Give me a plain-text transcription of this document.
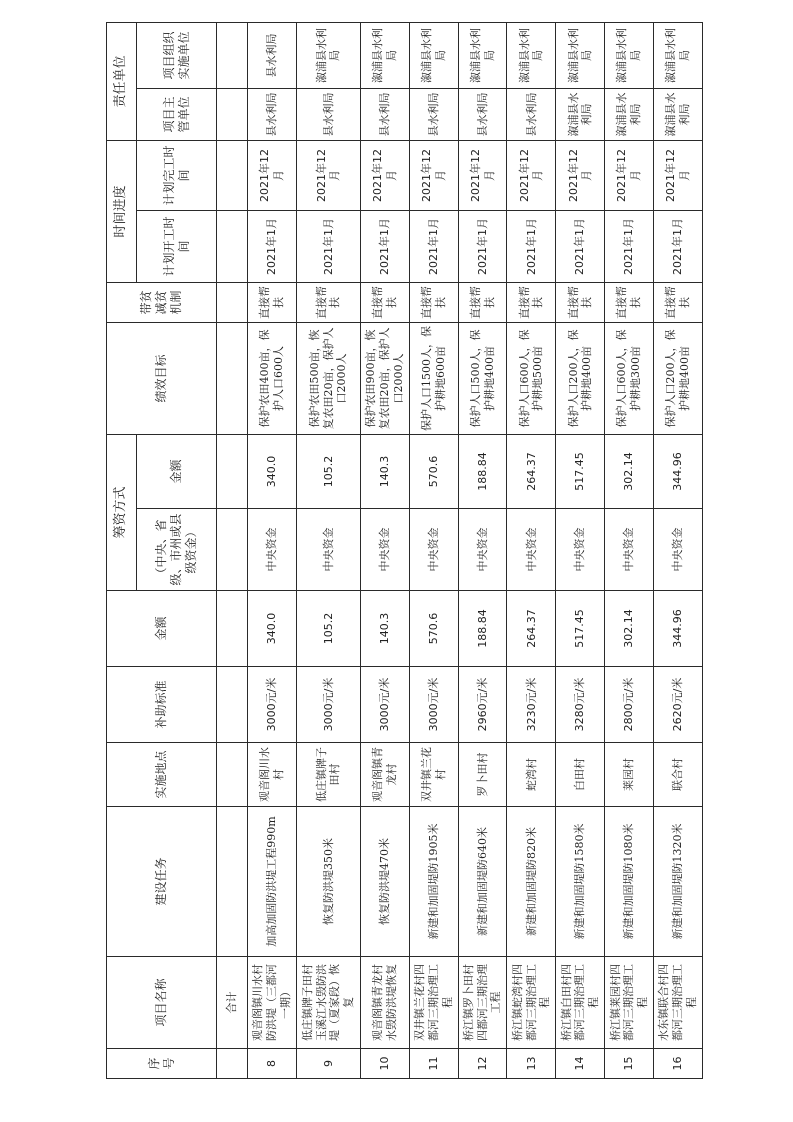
序号	项目名称	建设任务	实施地点	补助标准	金额	筹资方式		绩效目标	带贫减贫机制	时间进度		责任单位	
						（中央、省级、市州或县级资金）	金额			计划开工时间	计划完工时间	项目主管单位	项目组织实施单位
	合计												
8	观音阁镇川水村防洪堤（三都河一期）	加高加固防洪堤工程990m	观音阁川水村	3000元/米	340.0	中央资金	340.0	保护农田400亩，保护人口600人	直接帮扶	2021年1月	2021年12月	县水利局	县水利局
9	低庄镇牌子田村玉溪江水毁防洪堤（夏家段）恢复	恢复防洪堤350米	低庄镇牌子田村	3000元/米	105.2	中央资金	105.2	保护农田500亩，恢复农田20亩，保护人口2000人	直接帮扶	2021年1月	2021年12月	县水利局	溆浦县水利局
10	观音阁镇青龙村水毁防洪堤恢复	恢复防洪堤470米	观音阁镇青龙村	3000元/米	140.3	中央资金	140.3	保护农田900亩，恢复农田20亩，保护人口2000人	直接帮扶	2021年1月	2021年12月	县水利局	溆浦县水利局
11	双井镇兰花村四都河三期治理工程	新建和加固堤防1905米	双井镇兰花村	3000元/米	570.6	中央资金	570.6	保护人口1500人，保护耕地600亩	直接帮扶	2021年1月	2021年12月	县水利局	溆浦县水利局
12	桥江镇罗卜田村四都河三期治理工程	新建和加固堤防640米	罗卜田村	2960元/米	188.84	中央资金	188.84	保护人口500人，保护耕地400亩	直接帮扶	2021年1月	2021年12月	县水利局	溆浦县水利局
13	桥江镇蛇湾村四都河三期治理工程	新建和加固堤防820米	蛇湾村	3230元/米	264.37	中央资金	264.37	保护人口600人，保护耕地500亩	直接帮扶	2021年1月	2021年12月	县水利局	溆浦县水利局
14	桥江镇白田村四都河三期治理工程	新建和加固堤防1580米	白田村	3280元/米	517.45	中央资金	517.45	保护人口200人，保护耕地400亩	直接帮扶	2021年1月	2021年12月	溆浦县水利局	溆浦县水利局
15	桥江镇莱园村四都河三期治理工程	新建和加固堤防1080米	莱园村	2800元/米	302.14	中央资金	302.14	保护人口600人，保护耕地300亩	直接帮扶	2021年1月	2021年12月	溆浦县水利局	溆浦县水利局
16	水东镇联合村四都河三期治理工程	新建和加固堤防1320米	联合村	2620元/米	344.96	中央资金	344.96	保护人口200人，保护耕地400亩	直接帮扶	2021年1月	2021年12月	溆浦县水利局	溆浦县水利局
